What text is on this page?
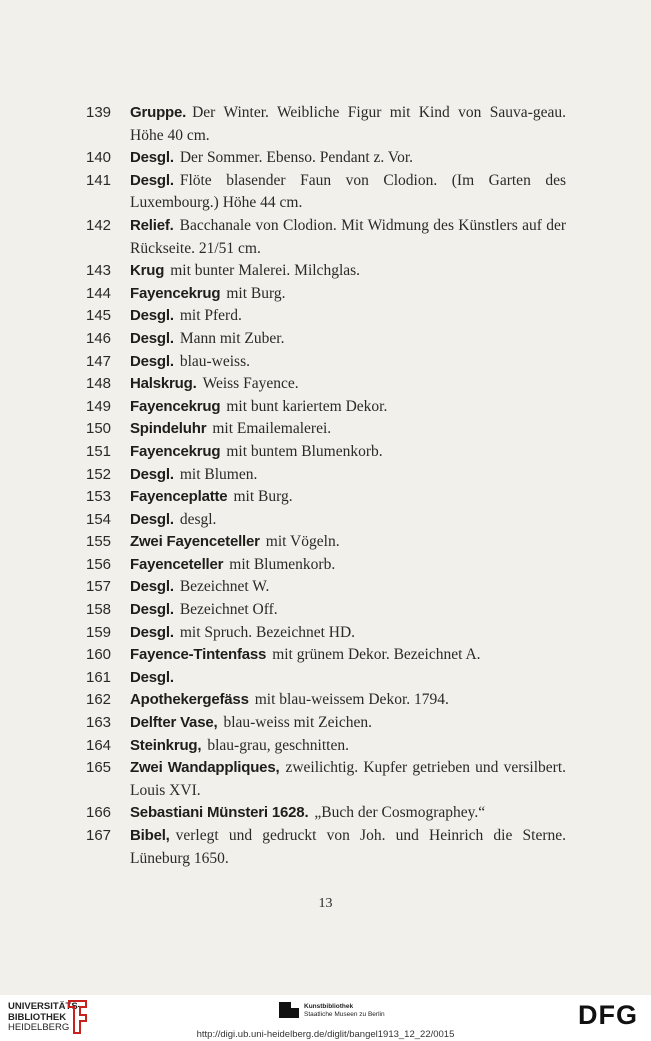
139	Gruppe. Der Winter. Weibliche Figur mit Kind von Sauva-geau. Höhe 40 cm.
140	Desgl. Der Sommer. Ebenso. Pendant z. Vor.
141	Desgl. Flöte blasender Faun von Clodion. (Im Garten des Luxembourg.) Höhe 44 cm.
142	Relief. Bacchanale von Clodion. Mit Widmung des Künstlers auf der Rückseite. 21/51 cm.
143	Krug mit bunter Malerei. Milchglas.
144	Fayencekrug mit Burg.
145	Desgl. mit Pferd.
146	Desgl. Mann mit Zuber.
147	Desgl. blau-weiss.
148	Halskrug. Weiss Fayence.
149	Fayencekrug mit bunt kariertem Dekor.
150	Spindeluhr mit Emailemalerei.
151	Fayencekrug mit buntem Blumenkorb.
152	Desgl. mit Blumen.
153	Fayenceplatte mit Burg.
154	Desgl. desgl.
155	Zwei Fayenceteller mit Vögeln.
156	Fayenceteller mit Blumenkorb.
157	Desgl. Bezeichnet W.
158	Desgl. Bezeichnet Off.
159	Desgl. mit Spruch. Bezeichnet HD.
160	Fayence-Tintenfass mit grünem Dekor. Bezeichnet A.
161	Desgl.
162	Apothekergefäss mit blau-weissem Dekor. 1794.
163	Delfter Vase, blau-weiss mit Zeichen.
164	Steinkrug, blau-grau, geschnitten.
165	Zwei Wandappliques, zweilichtig. Kupfer getrieben und versilbert. Louis XVI.
166	Sebastiani Münsteri 1628. „Buch der Cosmographey.“
167	Bibel, verlegt und gedruckt von Joh. und Heinrich die Sterne. Lüneburg 1650.
13
UNIVERSITÄTS-
BIBLIOTHEK
HEIDELBERG
Kunstbibliothek
Staatliche Museen zu Berlin
http://digi.ub.uni-heidelberg.de/diglit/bangel1913_12_22/0015
DFG
